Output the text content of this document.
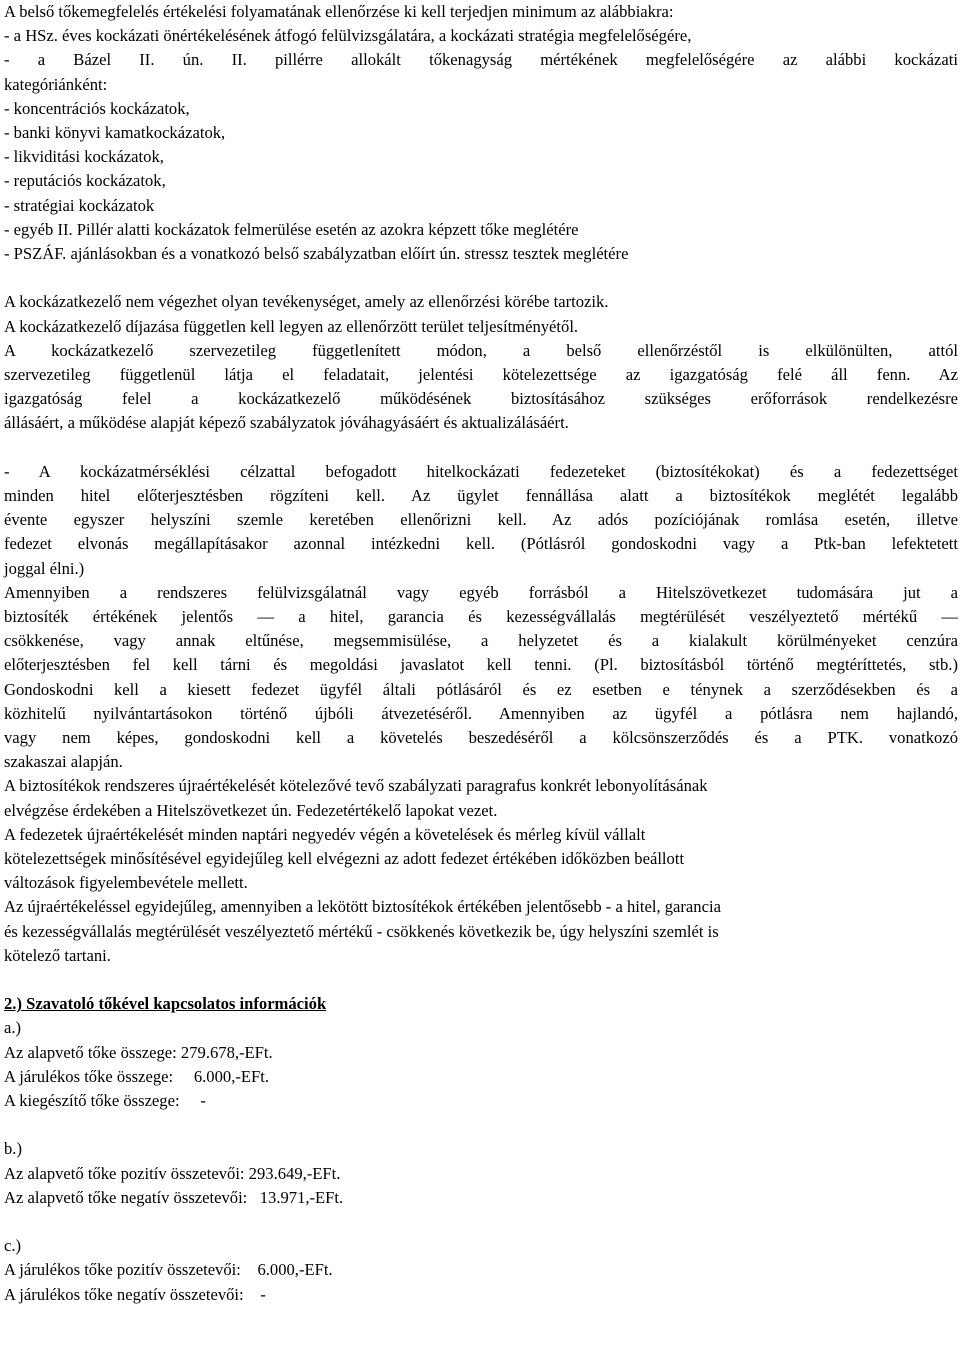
A belső tőkemegfelelés értékelési folyamatának ellenőrzése ki kell terjedjen minimum az alábbiakra:
- a HSz. éves kockázati önértékelésének átfogó felülvizsgálatára, a kockázati stratégia megfelelőségére,
- a Bázel II. ún. II. pillérre allokált tőkenagyság mértékének megfelelőségére az alábbi kockázati
kategóriánként:
- koncentrációs kockázatok,
- banki könyvi kamatkockázatok,
- likviditási kockázatok,
- reputációs kockázatok,
- stratégiai kockázatok
- egyéb II. Pillér alatti kockázatok felmerülése esetén az azokra képzett tőke meglétére
- PSZÁF. ajánlásokban és a vonatkozó belső szabályzatban előírt ún. stressz tesztek meglétére
A kockázatkezelő nem végezhet olyan tevékenységet, amely az ellenőrzési körébe tartozik.
A kockázatkezelő díjazása független kell legyen az ellenőrzött terület teljesítményétől.
A kockázatkezelő szervezetileg függetlenített módon, a belső ellenőrzéstől is elkülönülten, attól
szervezetileg függetlenül látja el feladatait, jelentési kötelezettsége az igazgatóság felé áll fenn. Az
igazgatóság felel a kockázatkezelő működésének biztosításához szükséges erőforrások rendelkezésre
állásáért, a működése alapját képező szabályzatok jóváhagyásáért és aktualizálásáért.
- A kockázatmérséklési célzattal befogadott hitelkockázati fedezeteket (biztosítékokat) és a fedezettséget
minden hitel előterjesztésben rögzíteni kell. Az ügylet fennállása alatt a biztosítékok meglétét legalább
évente egyszer helyszíni szemle keretében ellenőrizni kell. Az adós pozíciójának romlása esetén, illetve
fedezet elvonás megállapításakor azonnal intézkedni kell. (Pótlásról gondoskodni vagy a Ptk-ban lefektetett
joggal élni.)
Amennyiben a rendszeres felülvizsgálatnál vagy egyéb forrásból a Hitelszövetkezet tudomására jut a
biztosíték értékének jelentős — a hitel, garancia és kezességvállalás megtérülését veszélyeztető mértékű —
csökkenése, vagy annak eltűnése, megsemmisülése, a helyzetet és a kialakult körülményeket cenzúra
előterjesztésben fel kell tárni és megoldási javaslatot kell tenni. (Pl. biztosításból történő megtéríttetés, stb.)
Gondoskodni kell a kiesett fedezet ügyfél általi pótlásáról és ez esetben e ténynek a szerződésekben és a
közhitelű nyilvántartásokon történő újbóli átvezetéséről. Amennyiben az ügyfél a pótlásra nem hajlandó,
vagy nem képes, gondoskodni kell a követelés beszedéséről a kölcsönszerződés és a PTK. vonatkozó
szakaszai alapján.
A biztosítékok rendszeres újraértékelését kötelezővé tevő szabályzati paragrafus konkrét lebonyolításának
elvégzése érdekében a Hitelszövetkezet ún. Fedezetértékelő lapokat vezet.
A fedezetek újraértékelését minden naptári negyedév végén a követelések és mérleg kívül vállalt
kötelezettségek minősítésével egyidejűleg kell elvégezni az adott fedezet értékében időközben beállott
változások figyelembevétele mellett.
Az újraértékeléssel egyidejűleg, amennyiben a lekötött biztosítékok értékében jelentősebb - a hitel, garancia
és kezességvállalás megtérülését veszélyeztető mértékű - csökkenés következik be, úgy helyszíni szemlét is
kötelező tartani.
2.) Szavatoló tőkével kapcsolatos információk
a.)
Az alapvető tőke összege: 279.678,-EFt.
A járulékos tőke összege:     6.000,-EFt.
A kiegészítő tőke összege:     -
b.)
Az alapvető tőke pozitív összetevői: 293.649,-EFt.
Az alapvető tőke negatív összetevői:   13.971,-EFt.
c.)
A járulékos tőke pozitív összetevői:    6.000,-EFt.
A járulékos tőke negatív összetevői:    -
